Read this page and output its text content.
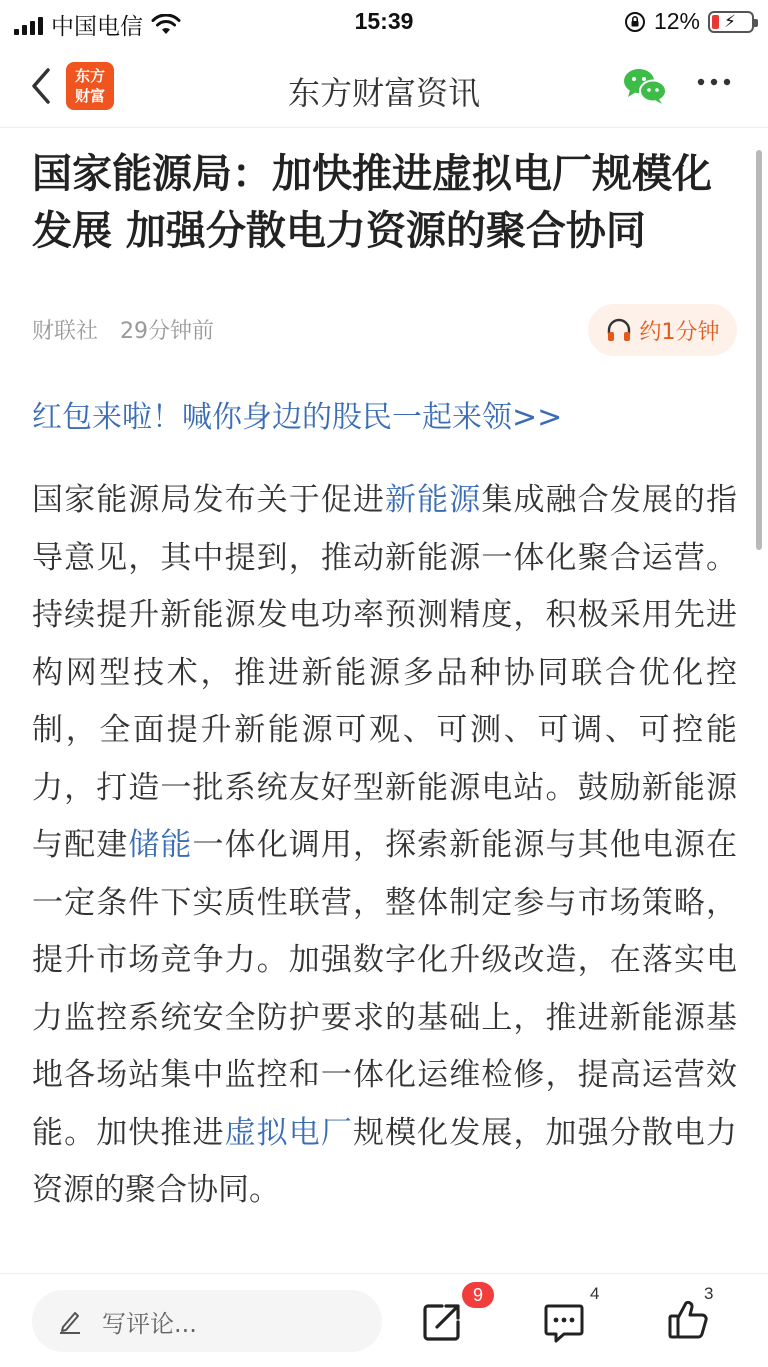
中国电信	15:39	12% ⚡
东方
财富	东方财富资讯
国家能源局：加快推进虚拟电厂规模化发展 加强分散电力资源的聚合协同
财联社 29分钟前	约1分钟
红包来啦！喊你身边的股民一起来领>>
国家能源局发布关于促进新能源集成融合发展的指导意见，其中提到，推动新能源一体化聚合运营。持续提升新能源发电功率预测精度，积极采用先进构网型技术，推进新能源多品种协同联合优化控制，全面提升新能源可观、可测、可调、可控能力，打造一批系统友好型新能源电站。鼓励新能源与配建储能一体化调用，探索新能源与其他电源在一定条件下实质性联营，整体制定参与市场策略，提升市场竞争力。加强数字化升级改造，在落实电力监控系统安全防护要求的基础上，推进新能源基地各场站集中监控和一体化运维检修，提高运营效能。加快推进虚拟电厂规模化发展，加强分散电力资源的聚合协同。
写评论...
9	4	3
